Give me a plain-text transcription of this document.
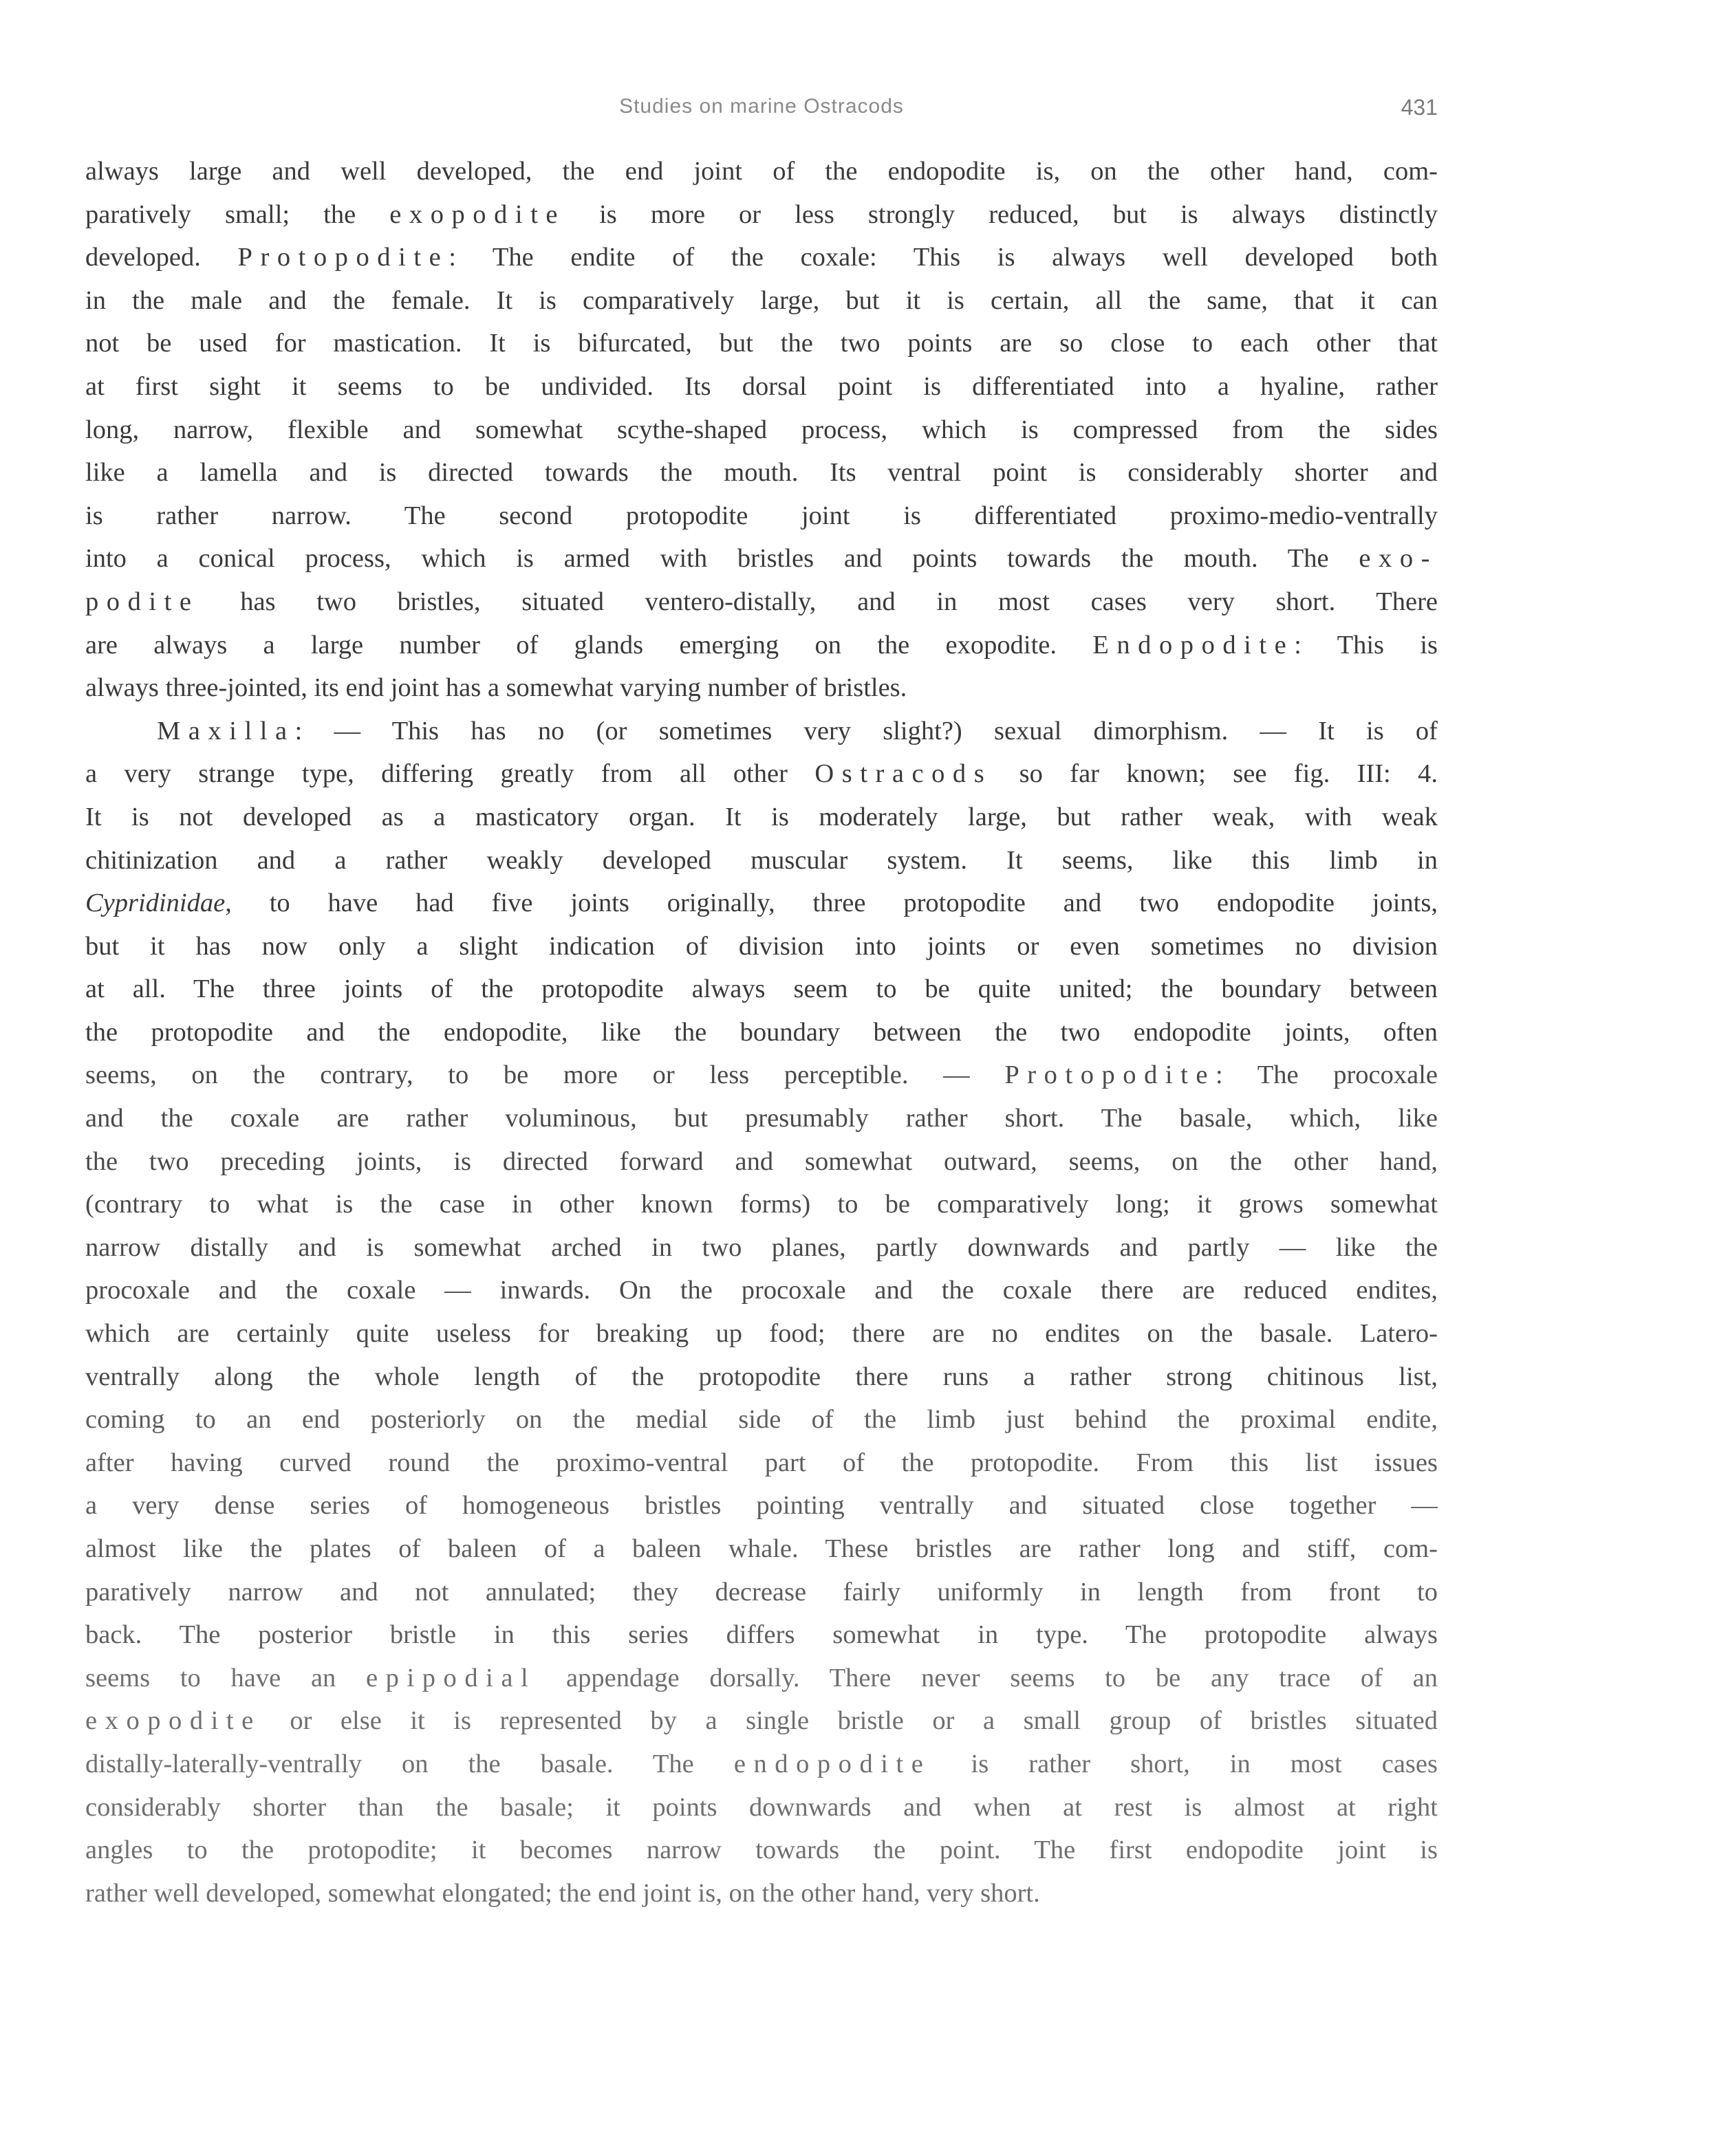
Studies on marine Ostracods	431
always large and well developed, the end joint of the endopodite is, on the other hand, com-
paratively small; the exopodite is more or less strongly reduced, but is always distinctly
developed. Protopodite: The endite of the coxale: This is always well developed both
in the male and the female. It is comparatively large, but it is certain, all the same, that it can
not be used for mastication. It is bifurcated, but the two points are so close to each other that
at first sight it seems to be undivided. Its dorsal point is differentiated into a hyaline, rather
long, narrow, flexible and somewhat scythe-shaped process, which is compressed from the sides
like a lamella and is directed towards the mouth. Its ventral point is considerably shorter and
is rather narrow. The second protopodite joint is differentiated proximo-medio-ventrally
into a conical process, which is armed with bristles and points towards the mouth. The exo-
podite has two bristles, situated ventero-distally, and in most cases very short. There
are always a large number of glands emerging on the exopodite. Endopodite: This is
always three-jointed, its end joint has a somewhat varying number of bristles.
Maxilla: — This has no (or sometimes very slight?) sexual dimorphism. — It is of
a very strange type, differing greatly from all other Ostracods so far known; see fig. III: 4.
It is not developed as a masticatory organ. It is moderately large, but rather weak, with weak
chitinization and a rather weakly developed muscular system. It seems, like this limb in
Cypridinidae, to have had five joints originally, three protopodite and two endopodite joints,
but it has now only a slight indication of division into joints or even sometimes no division
at all. The three joints of the protopodite always seem to be quite united; the boundary between
the protopodite and the endopodite, like the boundary between the two endopodite joints, often
seems, on the contrary, to be more or less perceptible. — Protopodite: The procoxale
and the coxale are rather voluminous, but presumably rather short. The basale, which, like
the two preceding joints, is directed forward and somewhat outward, seems, on the other hand,
(contrary to what is the case in other known forms) to be comparatively long; it grows somewhat
narrow distally and is somewhat arched in two planes, partly downwards and partly — like the
procoxale and the coxale — inwards. On the procoxale and the coxale there are reduced endites,
which are certainly quite useless for breaking up food; there are no endites on the basale. Latero-
ventrally along the whole length of the protopodite there runs a rather strong chitinous list,
coming to an end posteriorly on the medial side of the limb just behind the proximal endite,
after having curved round the proximo-ventral part of the protopodite. From this list issues
a very dense series of homogeneous bristles pointing ventrally and situated close together —
almost like the plates of baleen of a baleen whale. These bristles are rather long and stiff, com-
paratively narrow and not annulated; they decrease fairly uniformly in length from front to
back. The posterior bristle in this series differs somewhat in type. The protopodite always
seems to have an epipodial appendage dorsally. There never seems to be any trace of an
exopodite or else it is represented by a single bristle or a small group of bristles situated
distally-laterally-ventrally on the basale. The endopodite is rather short, in most cases
considerably shorter than the basale; it points downwards and when at rest is almost at right
angles to the protopodite; it becomes narrow towards the point. The first endopodite joint is
rather well developed, somewhat elongated; the end joint is, on the other hand, very short.
